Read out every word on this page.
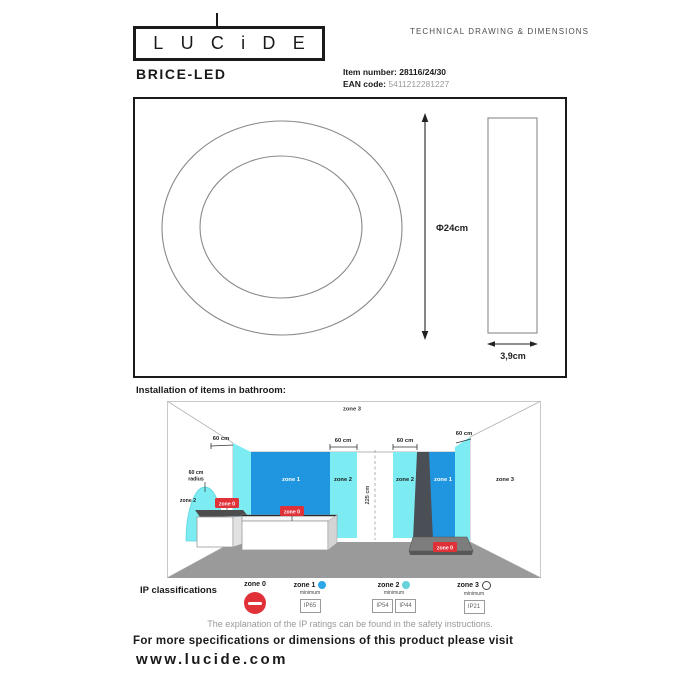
L U C i D E
TECHNICAL DRAWING & DIMENSIONS
BRICE-LED	Item number: 28116/24/30
EAN code: 5411212281227
Φ24cm
3,9cm
Installation of items in bathroom:
zone 0
zone 0
zone 0
60 cm	60 cm	60 cm
60 cm
zone 3
60 cm
radius
zone 2
zone 1	zone 2	zone 2	zone 1	zone 3
225 cm
IP classifications
zone 0	zone 1
minimum
IP65
zone 2
minimum
IP54	IP44
zone 3
minimum
IP21
The explanation of the IP ratings can be found in the safety instructions.
For more specifications or dimensions of this product please visit
www.lucide.com
